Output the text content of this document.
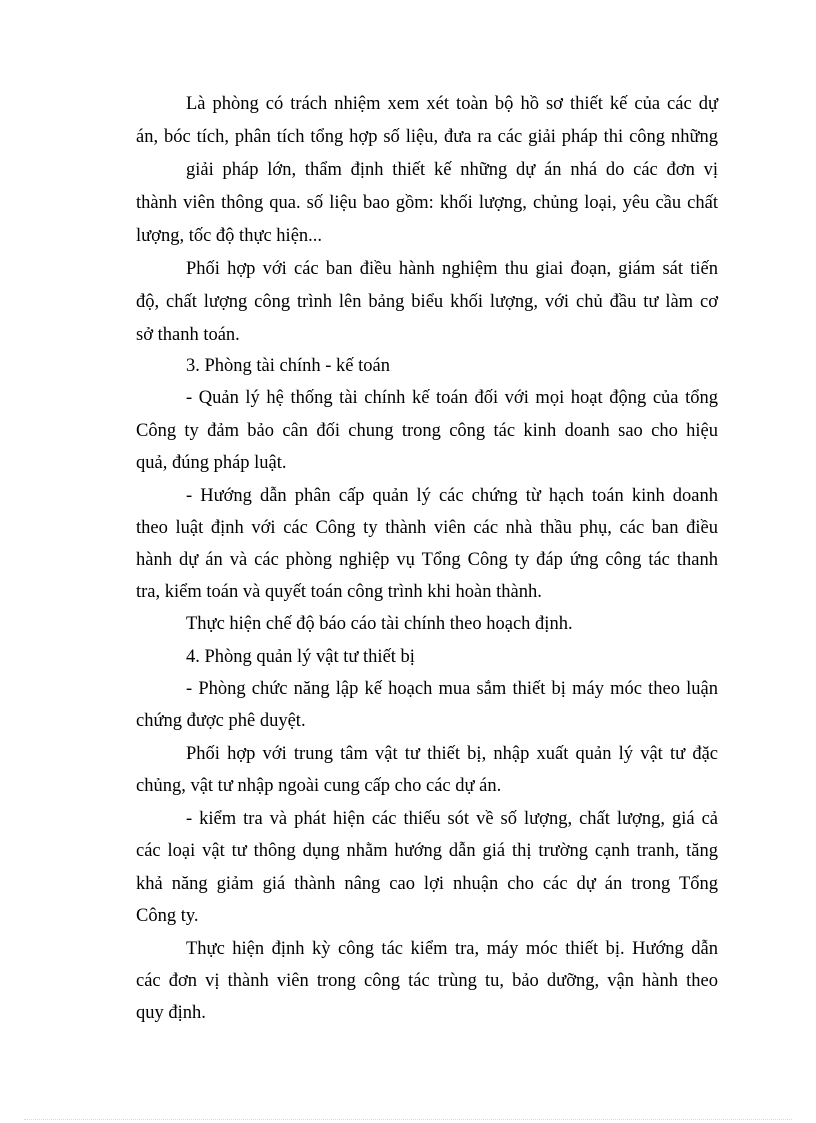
Là phòng có trách nhiệm xem xét toàn bộ hồ sơ thiết kế của các dự
án, bóc tích, phân tích tổng hợp số liệu, đưa ra các giải pháp thi công những
giải pháp lớn, thẩm định thiết kế những dự án nhá do các đơn vị
thành viên thông qua. số liệu bao gồm: khối lượng, chủng loại, yêu cầu chất
lượng, tốc độ thực hiện...
Phối hợp với các ban điều hành nghiệm thu giai đoạn, giám sát tiến
độ, chất lượng công trình lên bảng biểu khối lượng, với chủ đầu tư làm cơ
sở thanh toán.
3. Phòng tài chính - kế toán
- Quản lý hệ thống tài chính kế toán đối với mọi hoạt động của tổng
Công ty đảm bảo cân đối chung trong công tác kinh doanh sao cho hiệu
quả, đúng pháp luật.
- Hướng dẫn phân cấp quản lý các chứng từ hạch toán kinh doanh
theo luật định với các Công ty thành viên các nhà thầu phụ, các ban điều
hành dự án và các phòng nghiệp vụ Tổng Công ty đáp ứng công tác thanh
tra, kiểm toán và quyết toán công trình khi hoàn thành.
Thực hiện chế độ báo cáo tài chính theo hoạch định.
4. Phòng quản lý vật tư thiết bị
- Phòng chức năng lập kế hoạch mua sắm thiết bị máy móc theo luận
chứng được phê duyệt.
Phối hợp với trung tâm vật tư thiết bị, nhập xuất quản lý vật tư đặc
chủng, vật tư nhập ngoài cung cấp cho các dự án.
- kiểm tra và phát hiện các thiếu sót về số lượng, chất lượng, giá cả
các loại vật tư thông dụng nhằm hướng dẫn giá thị trường cạnh tranh, tăng
khả năng giảm giá thành nâng cao lợi nhuận cho các dự án trong Tổng
Công ty.
Thực hiện định kỳ công tác kiểm tra, máy móc thiết bị. Hướng dẫn
các đơn vị thành viên trong công tác trùng tu, bảo dưỡng, vận hành theo
quy định.
